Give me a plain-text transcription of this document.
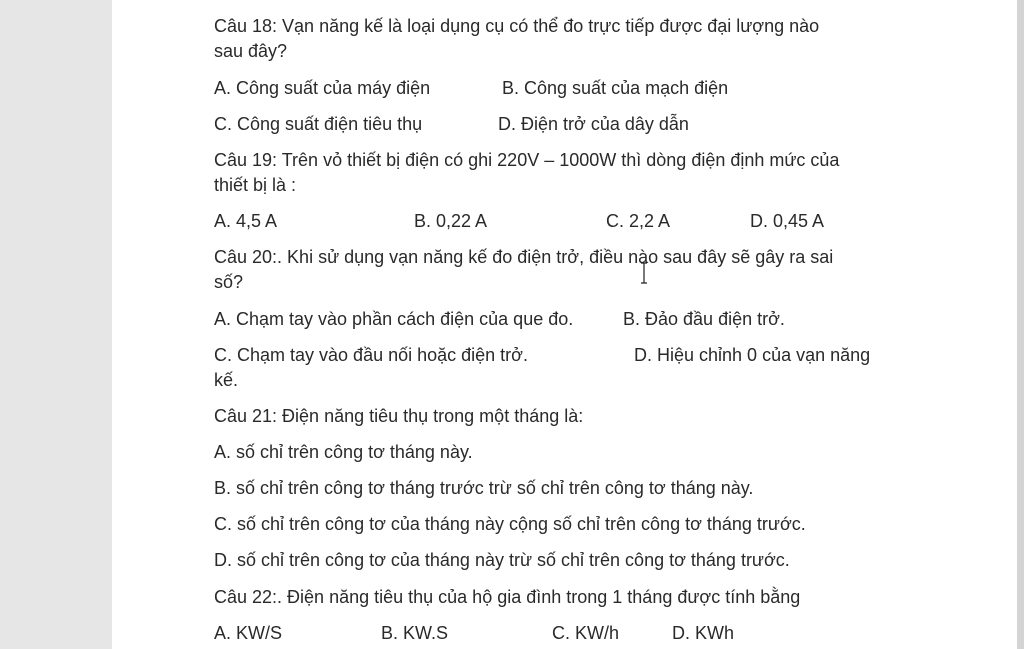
Câu 18: Vạn năng kế là loại dụng cụ có thể đo trực tiếp được đại lượng nào
sau đây?
A. Công suất của máy điện	B. Công suất của mạch điện
C. Công suất điện tiêu thụ	D. Điện trở của dây dẫn
Câu 19: Trên vỏ thiết bị điện có ghi 220V – 1000W thì dòng điện định mức của
thiết bị là :
A. 4,5 A	B. 0,22 A	C. 2,2 A	D. 0,45 A
Câu 20:. Khi sử dụng vạn năng kế đo điện trở, điều nào sau đây sẽ gây ra sai
số?
A. Chạm tay vào phần cách điện của que đo.	B. Đảo đầu điện trở.
C. Chạm tay vào đầu nối hoặc điện trở.	D. Hiệu chỉnh 0 của vạn năng
kế.
Câu 21: Điện năng tiêu thụ trong một tháng là:
A. số chỉ trên công tơ tháng này.
B. số chỉ trên công tơ tháng trước trừ số chỉ trên công tơ tháng này.
C. số chỉ trên công tơ của tháng này cộng số chỉ trên công tơ tháng trước.
D. số chỉ trên công tơ của tháng này trừ số chỉ trên công tơ tháng trước.
Câu 22:. Điện năng tiêu thụ của hộ gia đình trong 1 tháng được tính bằng
A. KW/S	B. KW.S	C. KW/h	D. KWh
